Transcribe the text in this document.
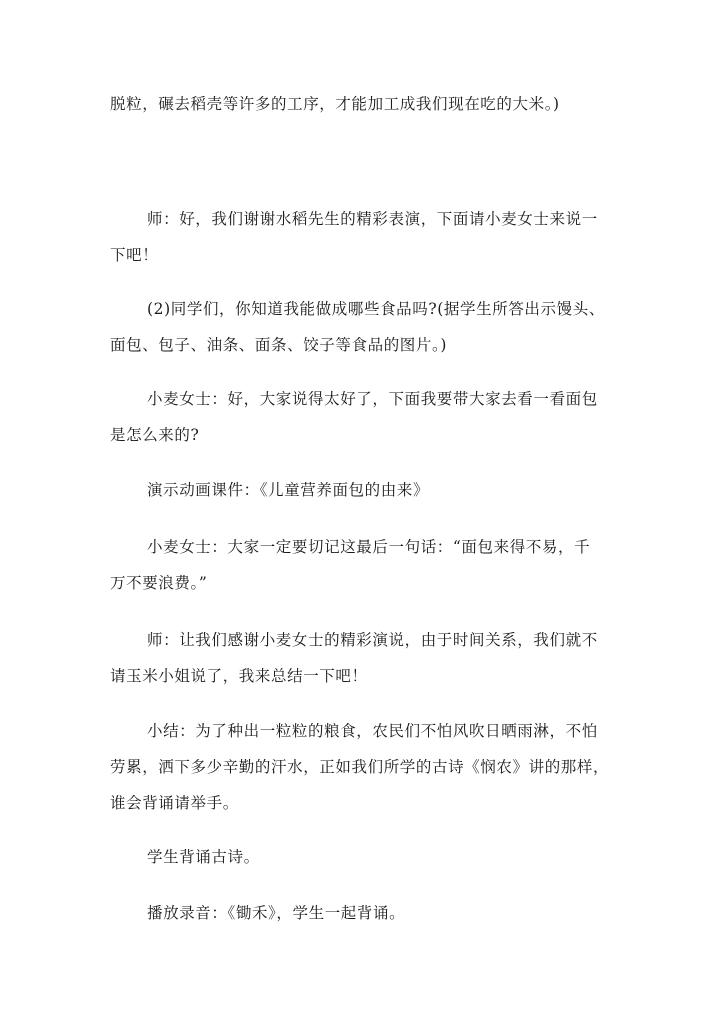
脱粒，碾去稻壳等许多的工序，才能加工成我们现在吃的大米。)

师：好，我们谢谢水稻先生的精彩表演，下面请小麦女士来说一
下吧！

(2)同学们，你知道我能做成哪些食品吗?(据学生所答出示馒头、
面包、包子、油条、面条、饺子等食品的图片。)

小麦女士：好，大家说得太好了，下面我要带大家去看一看面包
是怎么来的?

演示动画课件：《儿童营养面包的由来》

小麦女士：大家一定要切记这最后一句话：“面包来得不易，千
万不要浪费。”

师：让我们感谢小麦女士的精彩演说，由于时间关系，我们就不
请玉米小姐说了，我来总结一下吧！

小结：为了种出一粒粒的粮食，农民们不怕风吹日晒雨淋，不怕
劳累，洒下多少辛勤的汗水，正如我们所学的古诗《悯农》讲的那样，
谁会背诵请举手。

学生背诵古诗。

播放录音：《锄禾》，学生一起背诵。
